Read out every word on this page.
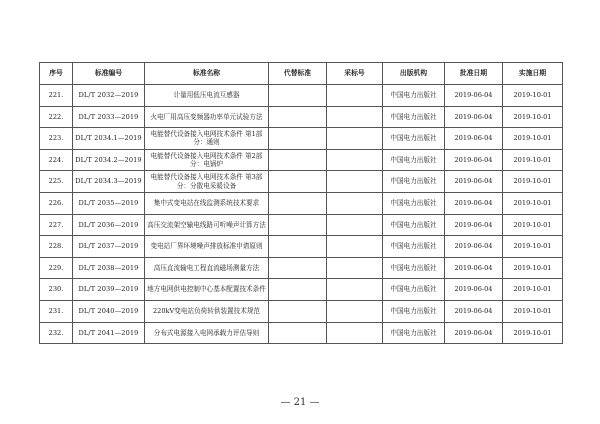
序号	标准编号	标准名称	代替标准	采标号	出版机构	批准日期	实施日期
221.	DL/T 2032—2019	计量用低压电流互感器			中国电力出版社	2019-06-04	2019-10-01
222.	DL/T 2033—2019	火电厂用高压变频器功率单元试验方法			中国电力出版社	2019-06-04	2019-10-01
223.	DL/T 2034.1—2019	电能替代设备接入电网技术条件 第1部分：通则			中国电力出版社	2019-06-04	2019-10-01
224.	DL/T 2034.2—2019	电能替代设备接入电网技术条件 第2部分：电锅炉			中国电力出版社	2019-06-04	2019-10-01
225.	DL/T 2034.3—2019	电能替代设备接入电网技术条件 第3部分：分散电采暖设备			中国电力出版社	2019-06-04	2019-10-01
226.	DL/T 2035—2019	集中式变电站在线监测系统技术要求			中国电力出版社	2019-06-04	2019-10-01
227.	DL/T 2036—2019	高压交流架空输电线路可听噪声计算方法			中国电力出版社	2019-06-04	2019-10-01
228.	DL/T 2037—2019	变电站厂界环境噪声排放标准申请原则			中国电力出版社	2019-06-04	2019-10-01
229.	DL/T 2038—2019	高压直流输电工程直流磁场测量方法			中国电力出版社	2019-06-04	2019-10-01
230.	DL/T 2039—2019	地方电网供电控制中心基本配置技术条件			中国电力出版社	2019-06-04	2019-10-01
231.	DL/T 2040—2019	220kV变电站负荷转供装置技术规范			中国电力出版社	2019-06-04	2019-10-01
232.	DL/T 2041—2019	分布式电源接入电网承载力评估导则			中国电力出版社	2019-06-04	2019-10-01
— 21 —
